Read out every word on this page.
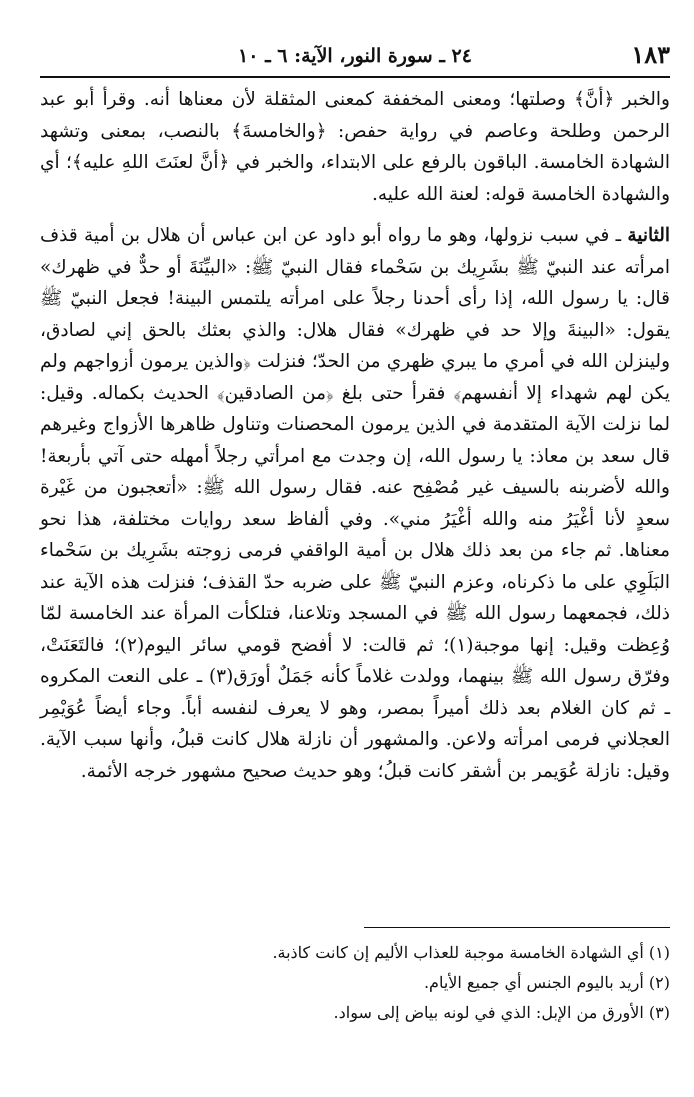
١٨٣
٢٤ ـ سورة النور، الآية: ٦ ـ ١٠

والخبر ﴿أنَّ﴾ وصلتها؛ ومعنى المخففة كمعنى المثقلة لأن معناها أنه. وقرأ أبو عبد الرحمن وطلحة وعاصم في رواية حفص: ﴿والخامسةَ﴾ بالنصب، بمعنى وتشهد الشهادة الخامسة. الباقون بالرفع على الابتداء، والخبر في ﴿أنَّ لعنَتَ اللهِ عليه﴾؛ أي والشهادة الخامسة قوله: لعنة الله عليه.

الثانية ـ في سبب نزولها، وهو ما رواه أبو داود عن ابن عباس أن هلال بن أمية قذف امرأته عند النبيّ ﷺ بشَرِيك بن سَحْماء فقال النبيّ ﷺ: «البيِّنَةَ أو حدٌّ في ظهرك» قال: يا رسول الله، إذا رأى أحدنا رجلاً على امرأته يلتمس البينة! فجعل النبيّ ﷺ يقول: «البينةَ وإلا حد في ظهرك» فقال هلال: والذي بعثك بالحق إني لصادق، ولينزلن الله في أمري ما يبري ظهري من الحدّ؛ فنزلت ﴿والذين يرمون أزواجهم ولم يكن لهم شهداء إلا أنفسهم﴾ فقرأ حتى بلغ ﴿من الصادقين﴾ الحديث بكماله. وقيل: لما نزلت الآية المتقدمة في الذين يرمون المحصنات وتناول ظاهرها الأزواج وغيرهم قال سعد بن معاذ: يا رسول الله، إن وجدت مع امرأتي رجلاً أمهله حتى آتي بأربعة! والله لأضربنه بالسيف غير مُصْفِح عنه. فقال رسول الله ﷺ: «أتعجبون من غَيْرة سعدٍ لأنا أغْيَرُ منه والله أغْيَرُ مني». وفي ألفاظ سعد روايات مختلفة، هذا نحو معناها. ثم جاء من بعد ذلك هلال بن أمية الواقفي فرمى زوجته بشَرِيك بن سَحْماء البَلَوِي على ما ذكرناه، وعزم النبيّ ﷺ على ضربه حدّ القذف؛ فنزلت هذه الآية عند ذلك، فجمعهما رسول الله ﷺ في المسجد وتلاعنا، فتلكأت المرأة عند الخامسة لمّا وُعِظت وقيل: إنها موجبة(١)؛ ثم قالت: لا أفضح قومي سائر اليوم(٢)؛ فالتَعَنَتْ، وفرّق رسول الله ﷺ بينهما، وولدت غلاماً كأنه جَمَلٌ أورَق(٣) ـ على النعت المكروه ـ ثم كان الغلام بعد ذلك أميراً بمصر، وهو لا يعرف لنفسه أباً. وجاء أيضاً عُوَيْمِر العجلاني فرمى امرأته ولاعن. والمشهور أن نازلة هلال كانت قبلُ، وأنها سبب الآية. وقيل: نازلة عُوَيمر بن أشقر كانت قبلُ؛ وهو حديث صحيح مشهور خرجه الأئمة.

(١) أي الشهادة الخامسة موجبة للعذاب الأليم إن كانت كاذبة.
(٢) أريد باليوم الجنس أي جميع الأيام.
(٣) الأورق من الإبل: الذي في لونه بياض إلى سواد.
